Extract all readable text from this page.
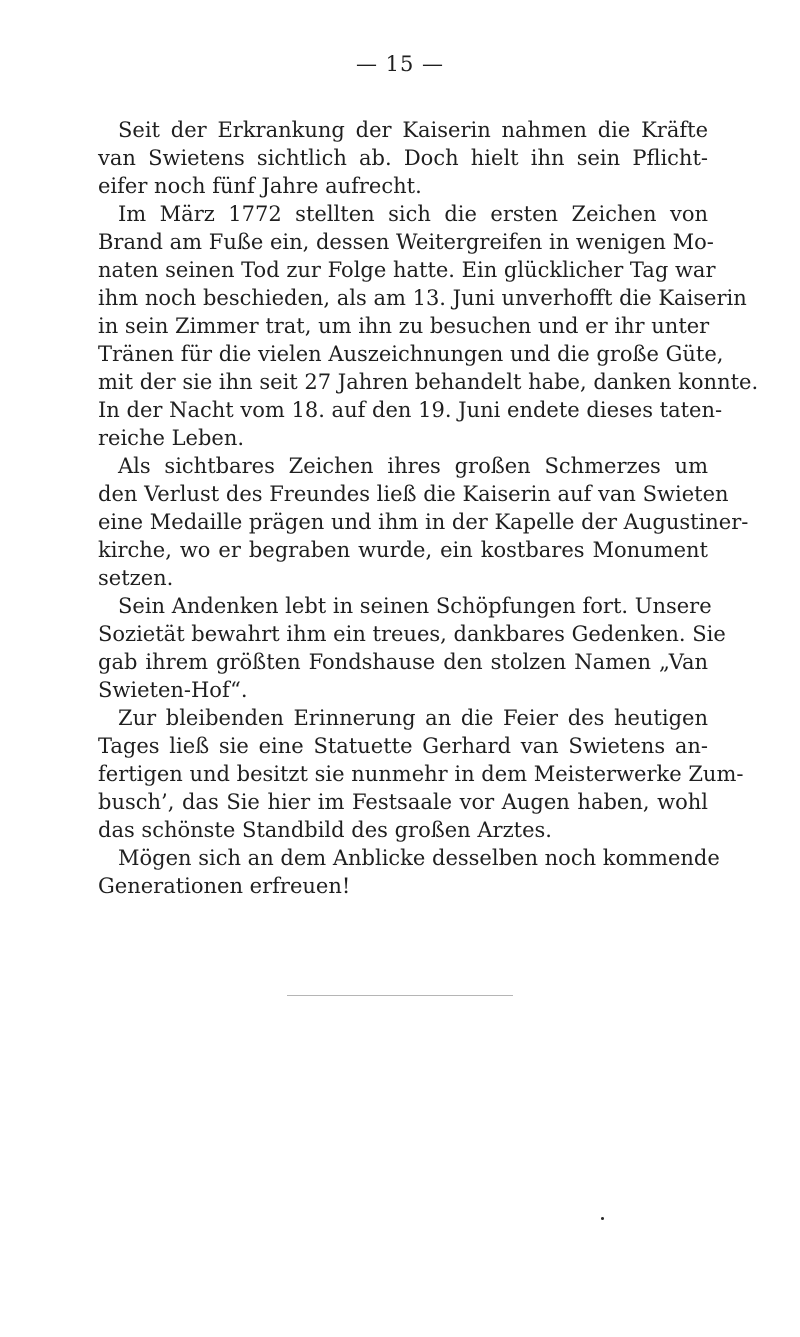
— 15 —
Seit der Erkrankung der Kaiserin nahmen die Kräfte
van Swietens sichtlich ab. Doch hielt ihn sein Pflicht-
eifer noch fünf Jahre aufrecht.
Im März 1772 stellten sich die ersten Zeichen von
Brand am Fuße ein, dessen Weitergreifen in wenigen Mo-
naten seinen Tod zur Folge hatte. Ein glücklicher Tag war
ihm noch beschieden, als am 13. Juni unverhofft die Kaiserin
in sein Zimmer trat, um ihn zu besuchen und er ihr unter
Tränen für die vielen Auszeichnungen und die große Güte,
mit der sie ihn seit 27 Jahren behandelt habe, danken konnte.
In der Nacht vom 18. auf den 19. Juni endete dieses taten-
reiche Leben.
Als sichtbares Zeichen ihres großen Schmerzes um
den Verlust des Freundes ließ die Kaiserin auf van Swieten
eine Medaille prägen und ihm in der Kapelle der Augustiner-
kirche, wo er begraben wurde, ein kostbares Monument
setzen.
Sein Andenken lebt in seinen Schöpfungen fort. Unsere
Sozietät bewahrt ihm ein treues, dankbares Gedenken. Sie
gab ihrem größten Fondshause den stolzen Namen „Van
Swieten-Hof“.
Zur bleibenden Erinnerung an die Feier des heutigen
Tages ließ sie eine Statuette Gerhard van Swietens an-
fertigen und besitzt sie nunmehr in dem Meisterwerke Zum-
busch’, das Sie hier im Festsaale vor Augen haben, wohl
das schönste Standbild des großen Arztes.
Mögen sich an dem Anblicke desselben noch kommende
Generationen erfreuen!
